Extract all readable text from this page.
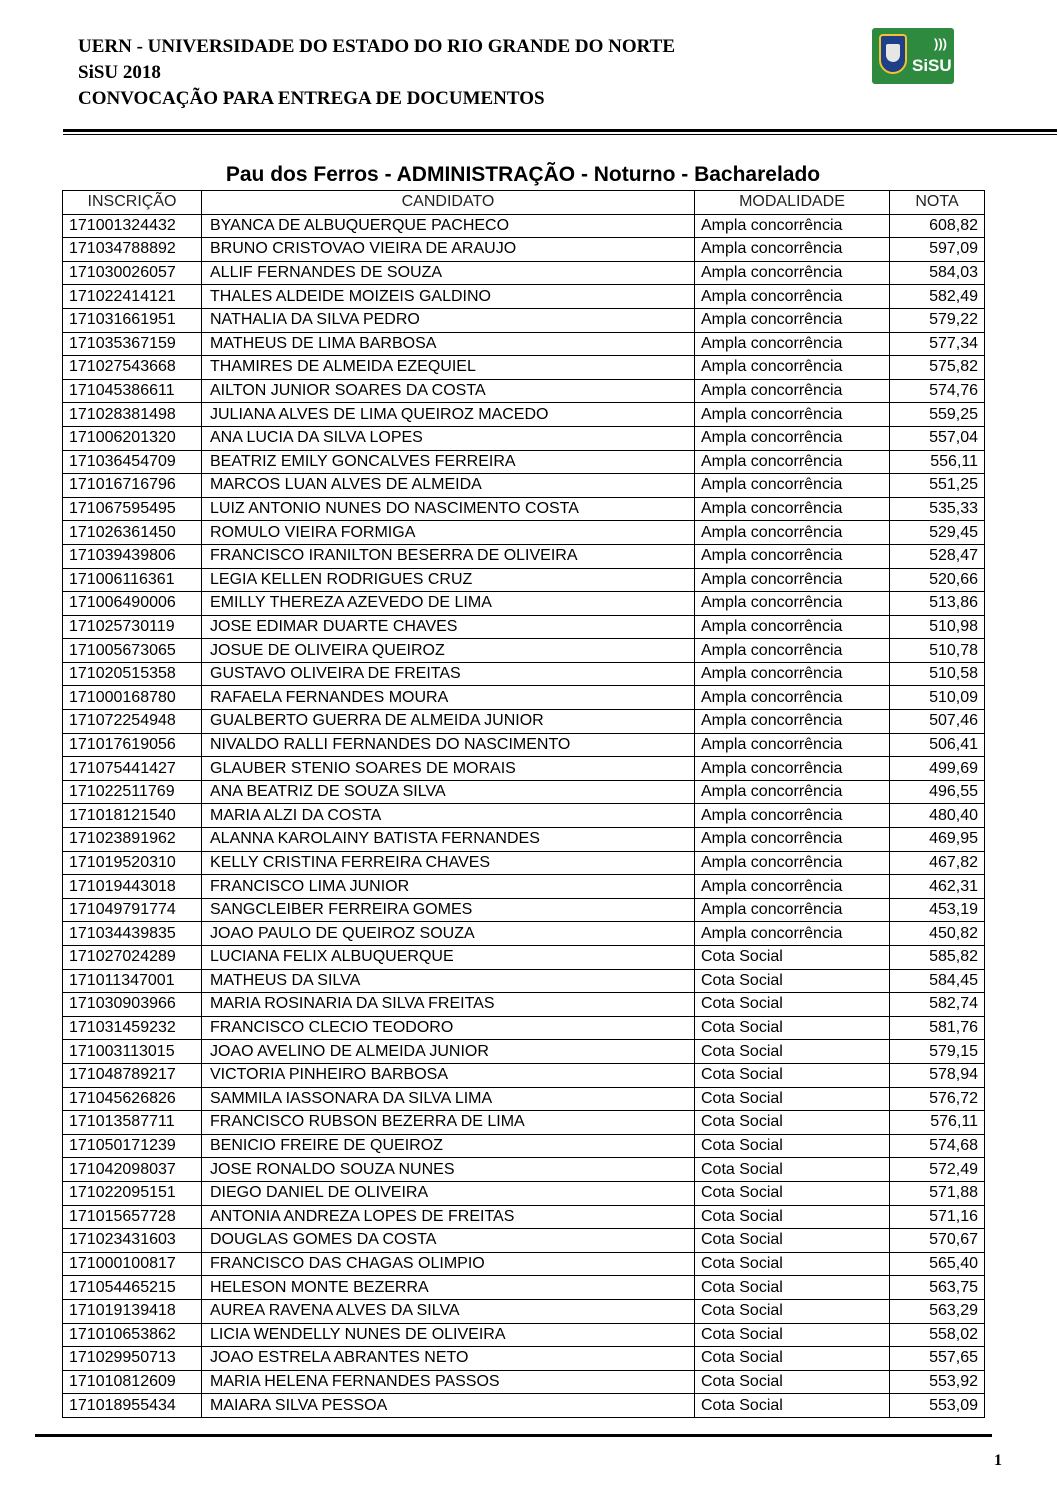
UERN - UNIVERSIDADE DO ESTADO DO RIO GRANDE DO NORTE
SiSU 2018
CONVOCAÇÃO PARA ENTREGA DE DOCUMENTOS
)))
SiSU
Pau dos Ferros - ADMINISTRAÇÃO - Noturno - Bacharelado
INSCRIÇÃO	CANDIDATO	MODALIDADE	NOTA
171001324432	BYANCA DE ALBUQUERQUE PACHECO	Ampla concorrência	608,82
171034788892	BRUNO CRISTOVAO VIEIRA DE ARAUJO	Ampla concorrência	597,09
171030026057	ALLIF FERNANDES DE SOUZA	Ampla concorrência	584,03
171022414121	THALES ALDEIDE MOIZEIS GALDINO	Ampla concorrência	582,49
171031661951	NATHALIA DA SILVA PEDRO	Ampla concorrência	579,22
171035367159	MATHEUS DE LIMA BARBOSA	Ampla concorrência	577,34
171027543668	THAMIRES DE ALMEIDA EZEQUIEL	Ampla concorrência	575,82
171045386611	AILTON JUNIOR SOARES DA COSTA	Ampla concorrência	574,76
171028381498	JULIANA ALVES DE LIMA QUEIROZ MACEDO	Ampla concorrência	559,25
171006201320	ANA LUCIA DA SILVA LOPES	Ampla concorrência	557,04
171036454709	BEATRIZ EMILY GONCALVES FERREIRA	Ampla concorrência	556,11
171016716796	MARCOS LUAN ALVES DE ALMEIDA	Ampla concorrência	551,25
171067595495	LUIZ ANTONIO NUNES DO NASCIMENTO COSTA	Ampla concorrência	535,33
171026361450	ROMULO VIEIRA FORMIGA	Ampla concorrência	529,45
171039439806	FRANCISCO IRANILTON BESERRA DE OLIVEIRA	Ampla concorrência	528,47
171006116361	LEGIA KELLEN RODRIGUES CRUZ	Ampla concorrência	520,66
171006490006	EMILLY THEREZA AZEVEDO DE LIMA	Ampla concorrência	513,86
171025730119	JOSE EDIMAR DUARTE CHAVES	Ampla concorrência	510,98
171005673065	JOSUE DE OLIVEIRA QUEIROZ	Ampla concorrência	510,78
171020515358	GUSTAVO OLIVEIRA DE FREITAS	Ampla concorrência	510,58
171000168780	RAFAELA FERNANDES MOURA	Ampla concorrência	510,09
171072254948	GUALBERTO GUERRA DE ALMEIDA JUNIOR	Ampla concorrência	507,46
171017619056	NIVALDO RALLI FERNANDES DO NASCIMENTO	Ampla concorrência	506,41
171075441427	GLAUBER STENIO SOARES DE MORAIS	Ampla concorrência	499,69
171022511769	ANA BEATRIZ DE SOUZA SILVA	Ampla concorrência	496,55
171018121540	MARIA ALZI DA COSTA	Ampla concorrência	480,40
171023891962	ALANNA KAROLAINY BATISTA FERNANDES	Ampla concorrência	469,95
171019520310	KELLY CRISTINA FERREIRA CHAVES	Ampla concorrência	467,82
171019443018	FRANCISCO LIMA JUNIOR	Ampla concorrência	462,31
171049791774	SANGCLEIBER FERREIRA GOMES	Ampla concorrência	453,19
171034439835	JOAO PAULO DE QUEIROZ SOUZA	Ampla concorrência	450,82
171027024289	LUCIANA FELIX ALBUQUERQUE	Cota Social	585,82
171011347001	MATHEUS DA SILVA	Cota Social	584,45
171030903966	MARIA ROSINARIA DA SILVA FREITAS	Cota Social	582,74
171031459232	FRANCISCO CLECIO TEODORO	Cota Social	581,76
171003113015	JOAO AVELINO DE ALMEIDA JUNIOR	Cota Social	579,15
171048789217	VICTORIA PINHEIRO BARBOSA	Cota Social	578,94
171045626826	SAMMILA IASSONARA DA SILVA LIMA	Cota Social	576,72
171013587711	FRANCISCO RUBSON BEZERRA DE LIMA	Cota Social	576,11
171050171239	BENICIO FREIRE DE QUEIROZ	Cota Social	574,68
171042098037	JOSE RONALDO SOUZA NUNES	Cota Social	572,49
171022095151	DIEGO DANIEL DE OLIVEIRA	Cota Social	571,88
171015657728	ANTONIA ANDREZA LOPES DE FREITAS	Cota Social	571,16
171023431603	DOUGLAS GOMES DA COSTA	Cota Social	570,67
171000100817	FRANCISCO DAS CHAGAS OLIMPIO	Cota Social	565,40
171054465215	HELESON MONTE BEZERRA	Cota Social	563,75
171019139418	AUREA RAVENA ALVES DA SILVA	Cota Social	563,29
171010653862	LICIA WENDELLY NUNES DE OLIVEIRA	Cota Social	558,02
171029950713	JOAO ESTRELA ABRANTES NETO	Cota Social	557,65
171010812609	MARIA HELENA FERNANDES PASSOS	Cota Social	553,92
171018955434	MAIARA SILVA PESSOA	Cota Social	553,09
1
